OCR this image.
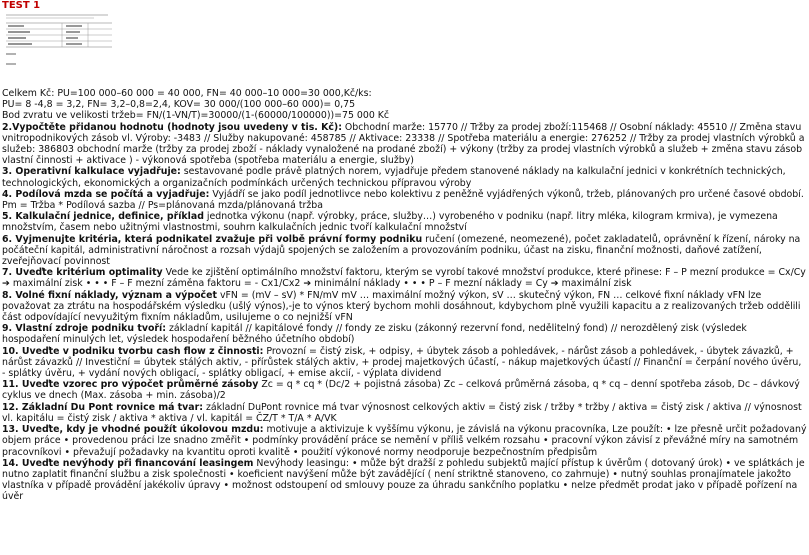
TEST 1

Celkem Kč: PU=100 000–60 000 = 40 000, FN= 40 000–10 000=30 000,Kč/ks:

PU= 8 -4,8 = 3,2, FN= 3,2–0,8=2,4, KOV= 30 000/(100 000–60 000)= 0,75

Bod zvratu ve velikosti tržeb= FN/(1-VN/T)=30000/(1-(60000/100000))=75 000 Kč

2.Vypočtěte přidanou hodnotu (hodnoty jsou uvedeny v tis. Kč): Obchodní marže: 15770 // Tržby za prodej zboží:115468 // Osobní náklady: 45510 // Změna stavu vnitropodnikových zásob vl. Výroby: -3483 // Služby nakupované: 458785 // Aktivace: 23338 // Spotřeba materiálu a energie: 276252 // Tržby za prodej vlastních výrobků a služeb: 386803 obchodní marže (tržby za prodej zboží - náklady vynaložené na prodané zboží) + výkony (tržby za prodej vlastních výrobků a služeb + změna stavu zásob vlastní činnosti + aktivace ) - výkonová spotřeba (spotřeba materiálu a energie, služby)

3. Operativní kalkulace vyjadřuje: sestavované podle právě platných norem, vyjadřuje předem stanovené náklady na kalkulační jednici v konkrétních technických, technologických, ekonomických a organizačních podmínkách určených technickou přípravou výroby

4. Podílová mzda se počítá a vyjadřuje: Vyjádří se jako podíl jednotlivce nebo kolektivu z peněžně vyjádřených výkonů, tržeb, plánovaných pro určené časové období. Pm = Tržba * Podílová sazba // Ps=plánovaná mzda/plánovaná tržba

5. Kalkulační jednice, definice, příklad jednotka výkonu (např. výrobky, práce, služby…) vyrobeného v podniku (např. litry mléka, kilogram krmiva), je vymezena množstvím, časem nebo užitnými vlastnostmi, souhrn kalkulačních jednic tvoří kalkulační množství

6. Vyjmenujte kritéria, která podnikatel zvažuje při volbě právní formy podniku ručení (omezené, neomezené), počet zakladatelů, oprávnění k řízení, nároky na počáteční kapitál, administrativní náročnost a rozsah výdajů spojených se založením a provozováním podniku, účast na zisku, finanční možnosti, daňové zatížení, zveřejňovací povinnost

7. Uveďte kritérium optimality Vede ke zjištění optimálního množství faktoru, kterým se vyrobí takové množství produkce, které přinese: F – P mezní produkce = Cx/Cy ➔ maximální zisk • • • F – F mezní záměna faktoru = - Cx1/Cx2 ➔ minimální náklady • • • P – F mezní náklady = Cy ➔ maximální zisk

8. Volné fixní náklady, význam a výpočet vFN = (mV – sV) * FN/mV mV … maximální možný výkon, sV … skutečný výkon, FN … celkové fixní náklady vFN lze považovat za ztrátu na hospodářském výsledku (ušlý výnos),-je to výnos který bychom mohli dosáhnout, kdybychom plně využili kapacitu a z realizovaných tržeb oddělili část odpovídající nevyužitým fixním nákladům, usilujeme o co nejnižší vFN

9. Vlastní zdroje podniku tvoří: základní kapitál // kapitálové fondy // fondy ze zisku (zákonný rezervní fond, nedělitelný fond) // nerozdělený zisk (výsledek hospodaření minulých let, výsledek hospodaření běžného účetního období)

10. Uveďte v podniku tvorbu cash flow z činnosti: Provozní = čistý zisk, + odpisy, + úbytek zásob a pohledávek, - nárůst zásob a pohledávek, - úbytek závazků, + nárůst závazků // Investiční = úbytek stálých aktiv, - přírůstek stálých aktiv, + prodej majetkových účastí, - nákup majetkových účastí // Finanční = čerpání nového úvěru, - splátky úvěru, + vydání nových obligací, - splátky obligací, + emise akcií, - výplata dividend

11. Uveďte vzorec pro výpočet průměrné zásoby Zc = q * cq * (Dc/2 + pojistná zásoba) Zc – celková průměrná zásoba, q * cq – denní spotřeba zásob, Dc – dávkový cyklus ve dnech (Max. zásoba + min. zásoba)/2

12. Základní Du Pont rovnice má tvar: základní DuPont rovnice má tvar výnosnost celkových aktiv = čistý zisk / tržby * tržby / aktiva = čistý zisk / aktiva // výnosnost vl. kapitálu = čistý zisk / aktiva * aktiva / vl. kapitál = ČZ/T * T/A * A/VK

13. Uveďte, kdy je vhodné použít úkolovou mzdu: motivuje a aktivizuje k vyššímu výkonu, je závislá na výkonu pracovníka, Lze použít: • lze přesně určit požadovaný objem práce • provedenou práci lze snadno změřit • podmínky provádění práce se nemění v příliš velkém rozsahu • pracovní výkon závisí z převážné míry na samotném pracovníkovi • převažují požadavky na kvantitu oproti kvalitě • použití výkonové normy neodporuje bezpečnostním předpisům

14. Uveďte nevýhody při financování leasingem Nevýhody leasingu: • může být dražší z pohledu subjektů mající přístup k úvěrům ( dotovaný úrok) • ve splátkách je nutno zaplatit finanční službu a zisk společnosti • koeficient navýšení může být zavádějící ( není striktně stanoveno, co zahrnuje) • nutný souhlas pronajímatele jakožto vlastníka v případě provádění jakékoliv úpravy • možnost odstoupení od smlouvy pouze za úhradu sankčního poplatku • nelze předmět prodat jako v případě pořízení na úvěr
